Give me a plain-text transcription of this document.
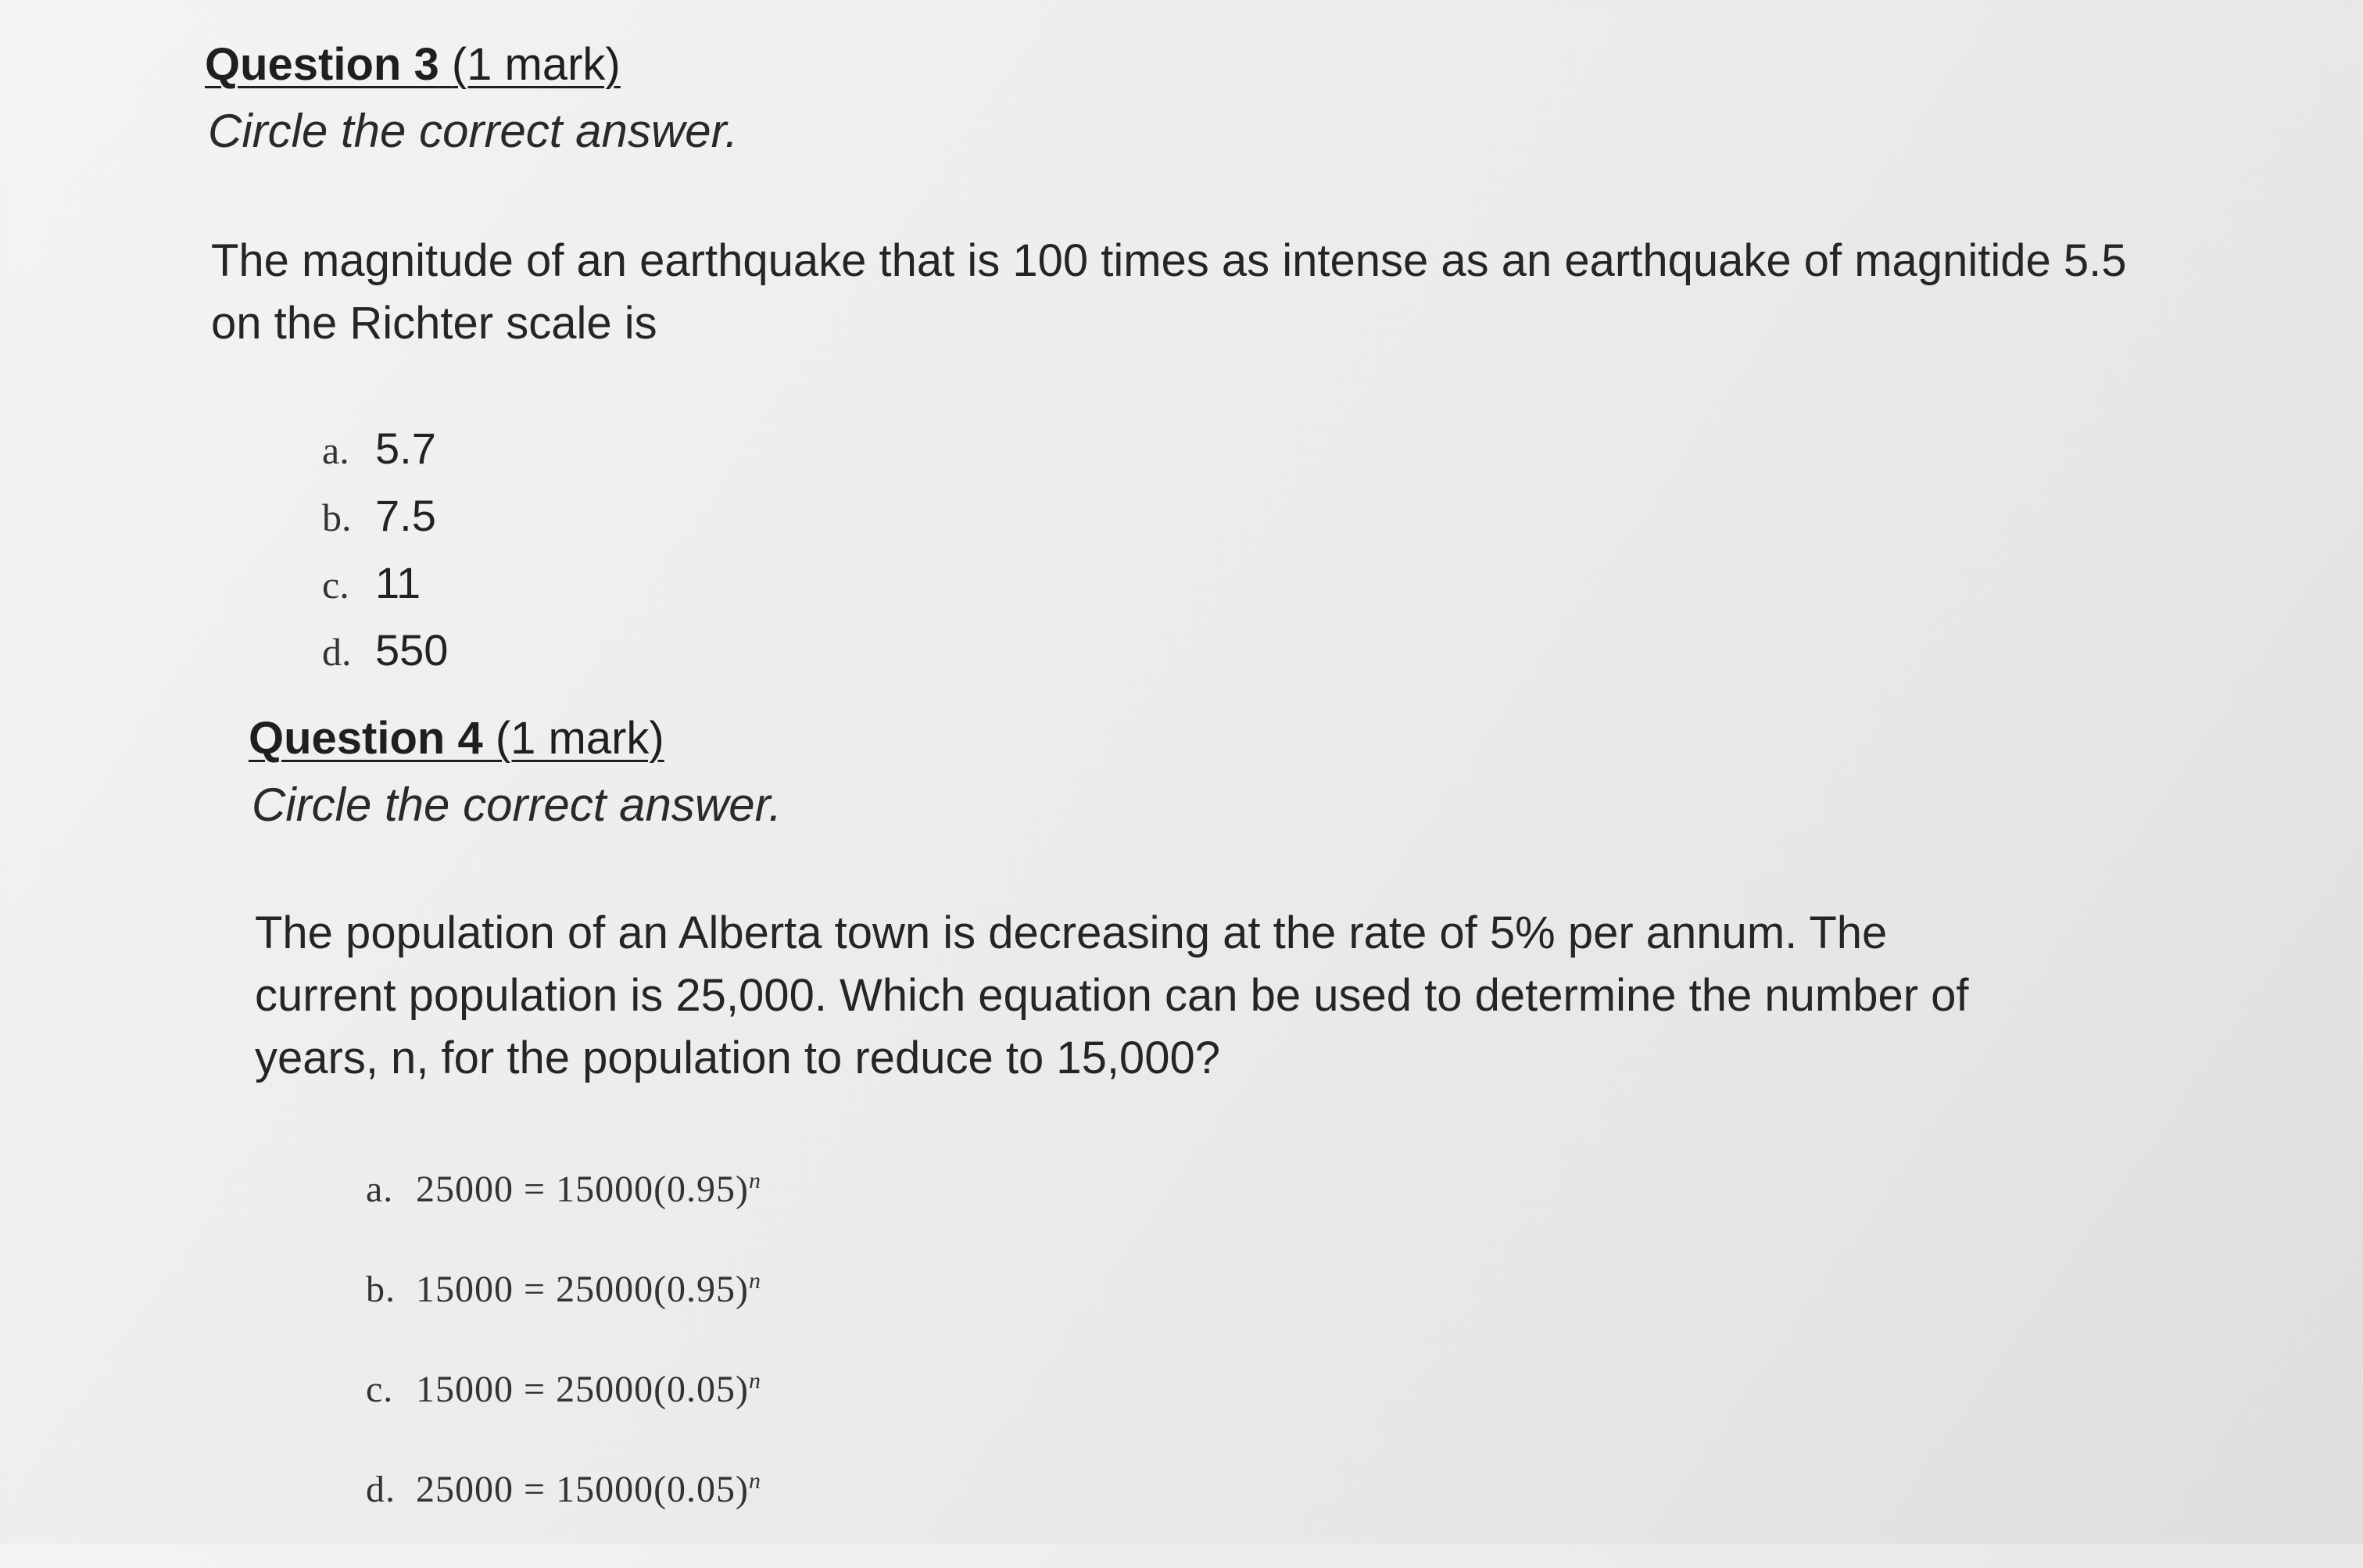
Question 3 (1 mark)

Circle the correct answer.

The magnitude of an earthquake that is 100 times as intense as an earthquake of magnitide 5.5 on the Richter scale is

a. 5.7
b. 7.5
c. 11
d. 550
Question 4 (1 mark)

Circle the correct answer.

The population of an Alberta town is decreasing at the rate of 5% per annum. The current population is 25,000. Which equation can be used to determine the number of years, n, for the population to reduce to 15,000?

a. $25000 = 15000(0.95)^n$
b. $15000 = 25000(0.95)^n$
c. $15000 = 25000(0.05)^n$
d. $25000 = 15000(0.05)^n$
